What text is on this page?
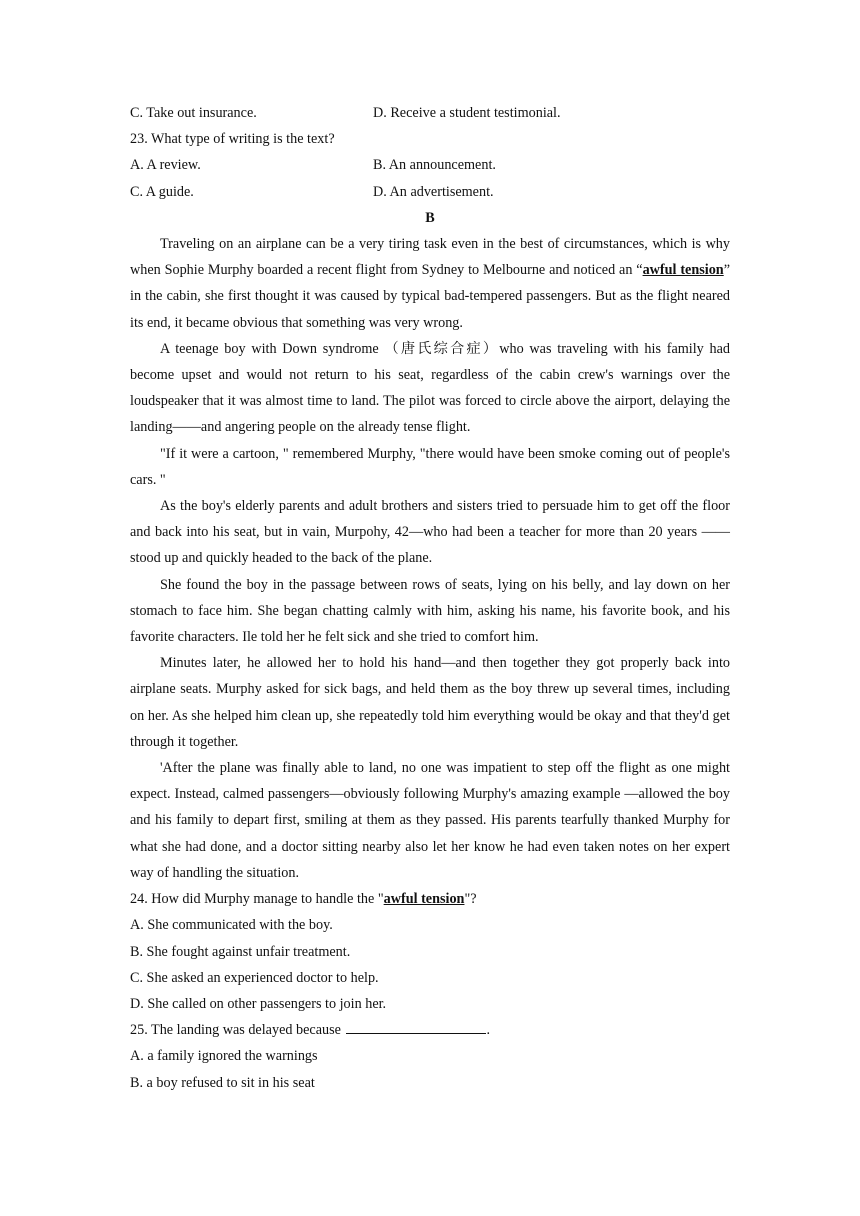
C. Take out insurance.	D. Receive a student testimonial.
23. What type of writing is the text?
A. A review.	B. An announcement.
C. A guide.	D. An advertisement.
B

Traveling on an airplane can be a very tiring task even in the best of circumstances, which is why when Sophie Murphy boarded a recent flight from Sydney to Melbourne and noticed an “awful tension” in the cabin, she first thought it was caused by typical bad-tempered passengers. But as the flight neared its end, it became obvious that something was very wrong.

A teenage boy with Down syndrome （唐氏综合症）who was traveling with his family had become upset and would not return to his seat, regardless of the cabin crew's warnings over the loudspeaker that it was almost time to land. The pilot was forced to circle above the airport, delaying the landing——and angering people on the already tense flight.

"If it were a cartoon, " remembered Murphy, "there would have been smoke coming out of people's cars. "

As the boy's elderly parents and adult brothers and sisters tried to persuade him to get off the floor and back into his seat, but in vain, Murpohy, 42—who had been a teacher for more than 20 years —— stood up and quickly headed to the back of the plane.

She found the boy in the passage between rows of seats, lying on his belly, and lay down on her stomach to face him. She began chatting calmly with him, asking his name, his favorite book, and his favorite characters. Ile told her he felt sick and she tried to comfort him.

Minutes later, he allowed her to hold his hand—and then together they got properly back into airplane seats. Murphy asked for sick bags, and held them as the boy threw up several times, including on her. As she helped him clean up, she repeatedly told him everything would be okay and that they'd get through it together.

'After the plane was finally able to land, no one was impatient to step off the flight as one might expect. Instead, calmed passengers—obviously following Murphy's amazing example —allowed the boy and his family to depart first, smiling at them as they passed. His parents tearfully thanked Murphy for what she had done, and a doctor sitting nearby also let her know he had even taken notes on her expert way of handling the situation.

24. How did Murphy manage to handle the "awful tension"?
A. She communicated with the boy.
B. She fought against unfair treatment.
C. She asked an experienced doctor to help.
D. She called on other passengers to join her.
25. The landing was delayed because	.
A. a family ignored the warnings
B. a boy refused to sit in his seat
